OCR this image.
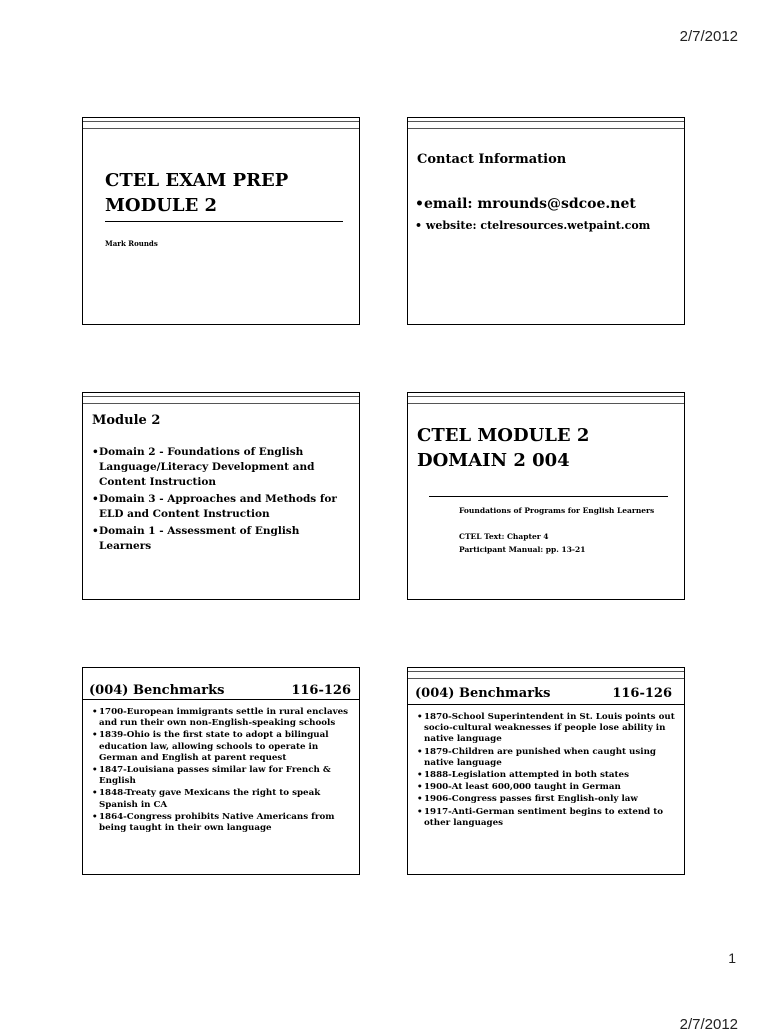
2/7/2012
CTEL EXAM PREP
MODULE 2
Mark Rounds
Contact Information
•email: mrounds@sdcoe.net
• website: ctelresources.wetpaint.com
Module 2
• Domain 2 - Foundations of English Language/Literacy Development and Content Instruction
• Domain 3 - Approaches and Methods for ELD and Content Instruction
• Domain 1 - Assessment of English Learners
CTEL MODULE 2
DOMAIN 2 004
Foundations of Programs for English Learners
CTEL Text: Chapter 4
Participant Manual: pp. 13-21
(004) Benchmarks	116-126
• 1700-European immigrants settle in rural enclaves and run their own non-English-speaking schools
• 1839-Ohio is the first state to adopt a bilingual education law, allowing schools to operate in German and English at parent request
• 1847-Louisiana passes similar law for French & English
• 1848-Treaty gave Mexicans the right to speak Spanish in CA
• 1864-Congress prohibits Native Americans from being taught in their own language
(004) Benchmarks	116-126
• 1870-School Superintendent in St. Louis points out socio-cultural weaknesses if people lose ability in native language
• 1879-Children are punished when caught using native language
• 1888-Legislation attempted in both states
• 1900-At least 600,000 taught in German
• 1906-Congress passes first English-only law
• 1917-Anti-German sentiment begins to extend to other languages
1
2/7/2012
